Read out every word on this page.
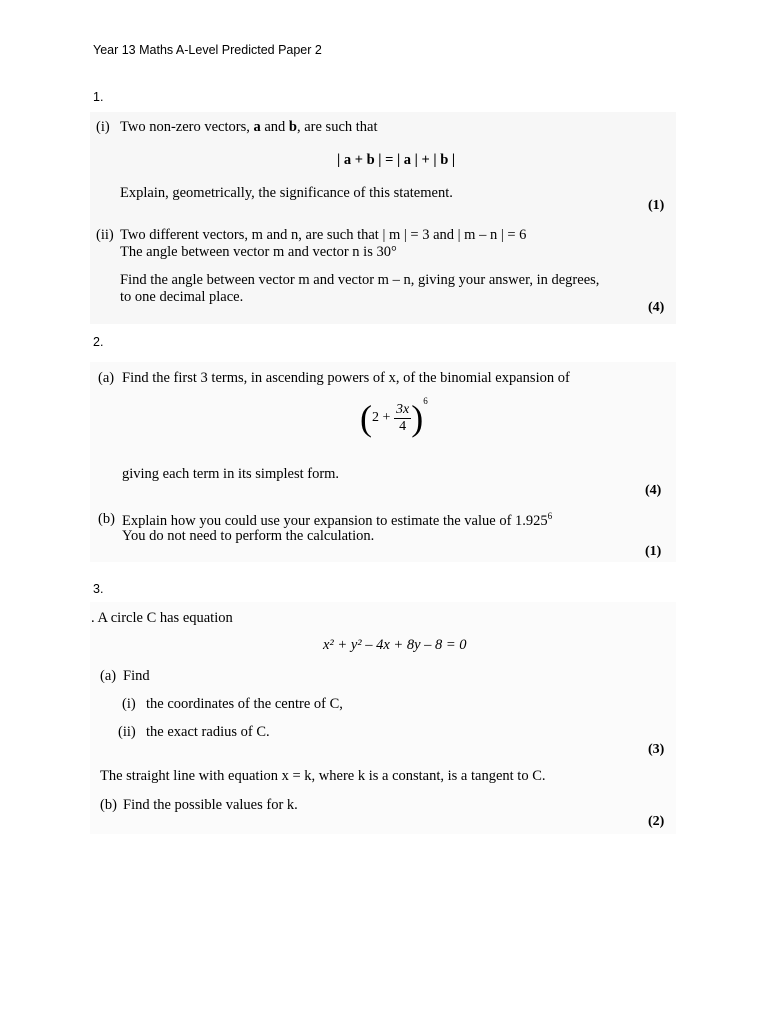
Year 13 Maths A-Level Predicted Paper 2
1.
(i) Two non-zero vectors, a and b, are such that
| a + b | = | a | + | b |
Explain, geometrically, the significance of this statement.
(1)
(ii) Two different vectors, m and n, are such that | m | = 3 and | m – n | = 6
The angle between vector m and vector n is 30°
Find the angle between vector m and vector m – n, giving your answer, in degrees,
to one decimal place.
(4)
2.
(a) Find the first 3 terms, in ascending powers of x, of the binomial expansion of
$(2 + \frac{3x}{4} )^6$
giving each term in its simplest form.
(4)
(b) Explain how you could use your expansion to estimate the value of 1.925$^6$
You do not need to perform the calculation.
(1)
3.
. A circle C has equation
x² + y² – 4x + 8y – 8 = 0
(a) Find
(i) the coordinates of the centre of C,
(ii) the exact radius of C.
(3)
The straight line with equation x = k, where k is a constant, is a tangent to C.
(b) Find the possible values for k.
(2)
